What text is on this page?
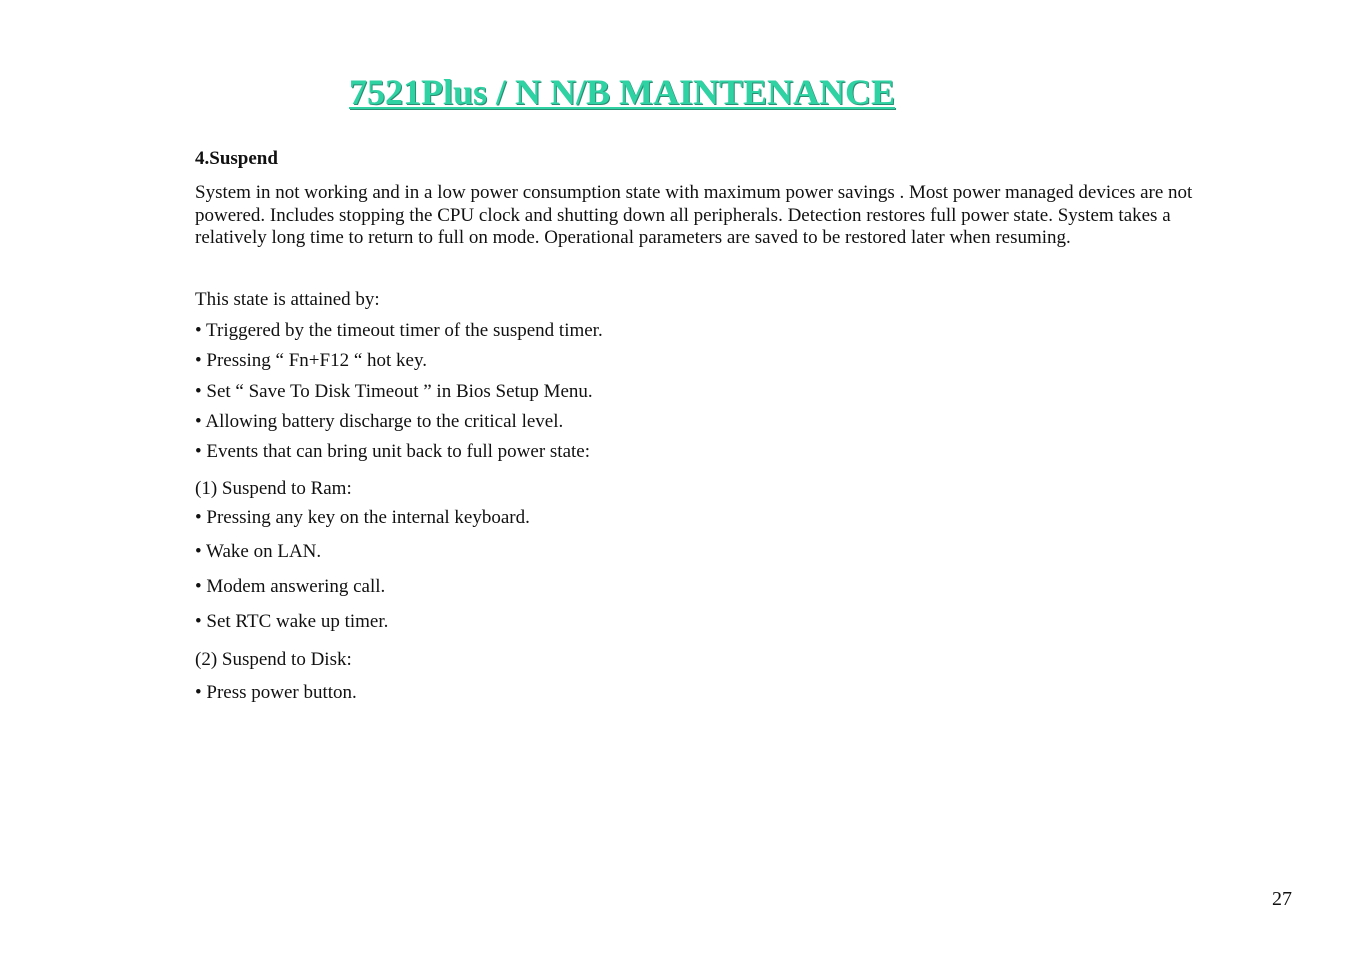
7521Plus / N N/B MAINTENANCE

4.Suspend

System in not working and in a low power consumption state with maximum power savings . Most power managed devices are not powered. Includes stopping the CPU clock and shutting down all peripherals. Detection restores full power state. System takes a relatively long time to return to full on mode. Operational parameters are saved to be restored later when resuming.

This state is attained by:

• Triggered by the timeout timer of the suspend timer.

• Pressing “ Fn+F12 “ hot key.

• Set “ Save To Disk Timeout ” in Bios Setup Menu.

• Allowing battery discharge to the critical level.

• Events that can bring unit back to full power state:

(1) Suspend to Ram:

• Pressing any key on the internal keyboard.

• Wake on LAN.

• Modem answering call.

• Set RTC wake up timer.

(2) Suspend to Disk:

• Press power button.

27
